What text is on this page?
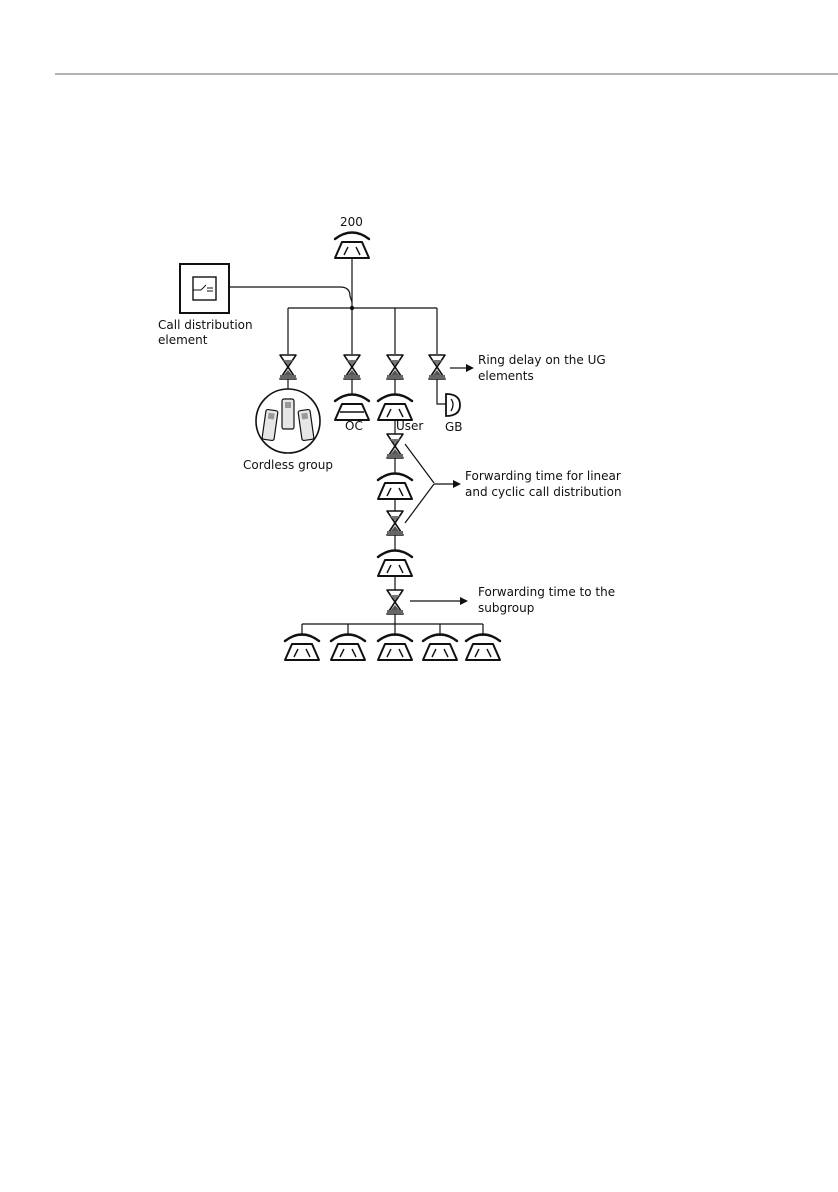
200
Call distribution element
Ring delay on the UG elements
Cordless group
OC	GB
User
Forwarding time for linear and cyclic call distribution
Forwarding time to the subgroup
